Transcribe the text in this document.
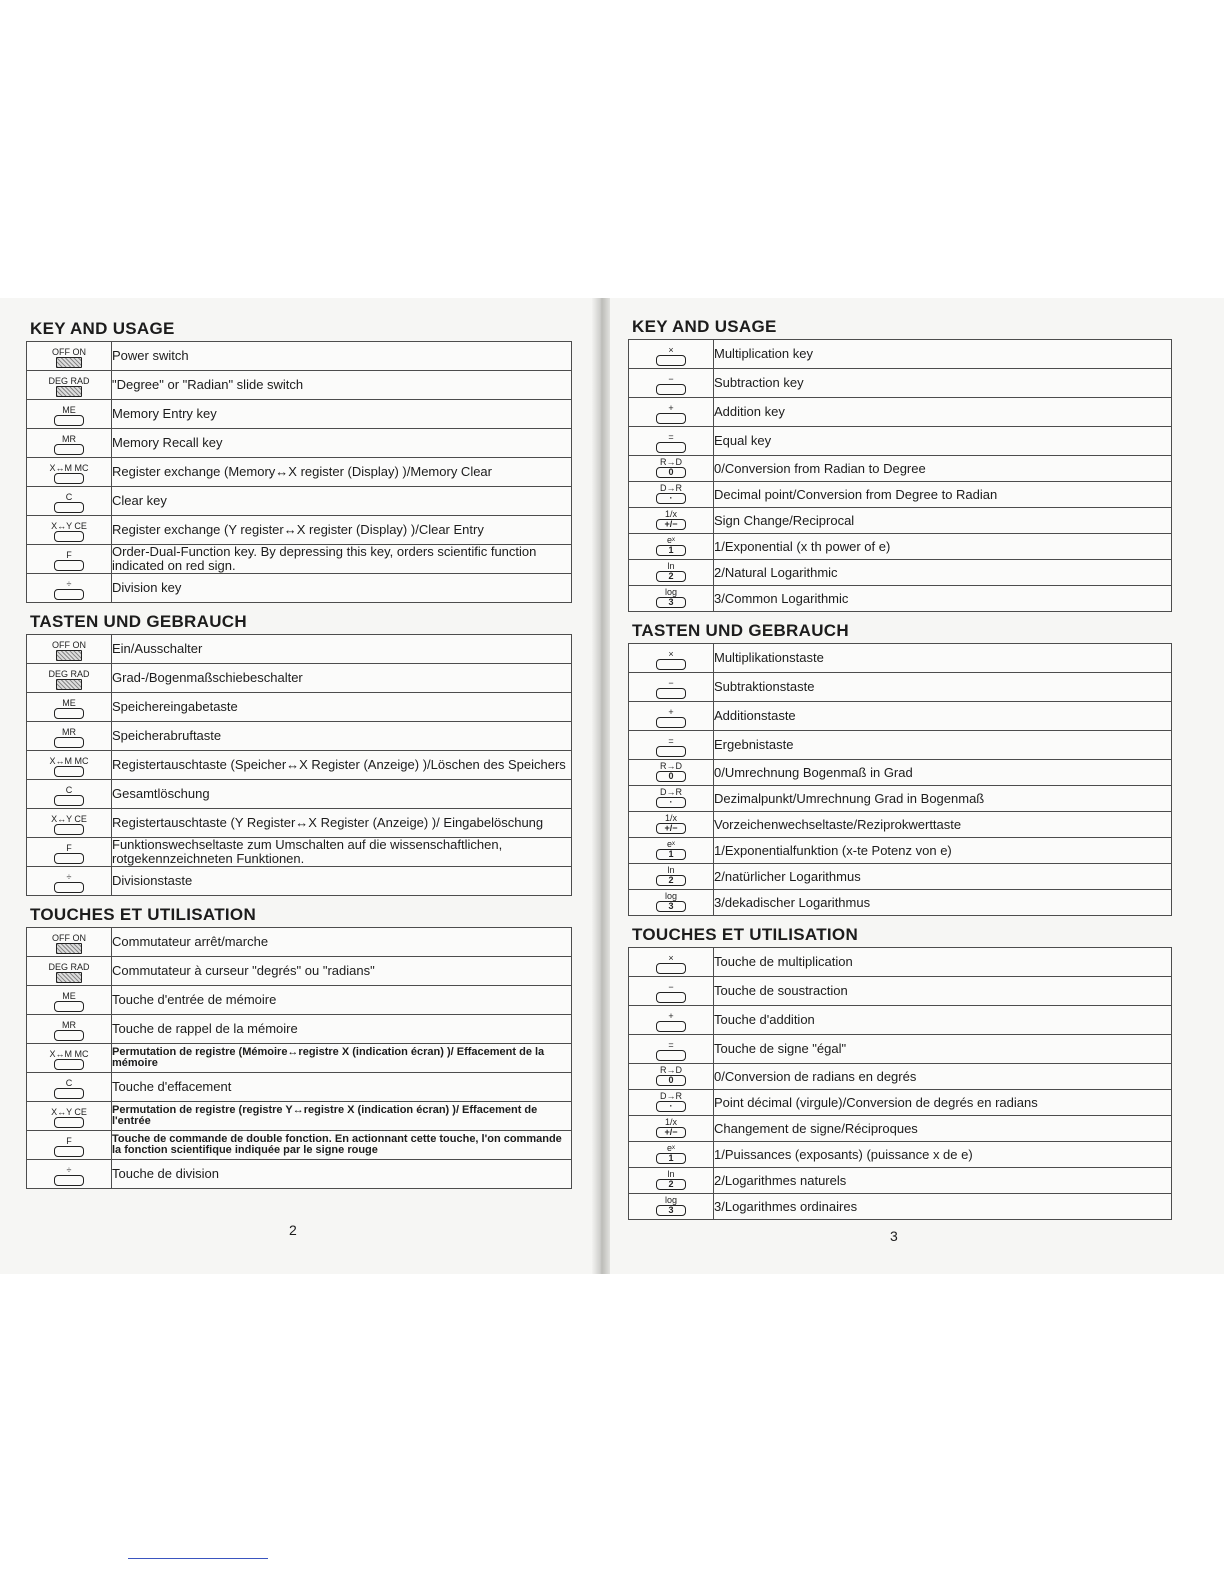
KEY AND USAGE
OFF ON	Power switch

DEG RAD	"Degree" or "Radian" slide switch

ME	Memory Entry key

MR	Memory Recall key

X↔M MC	Register exchange (Memory↔X register (Display) )/Memory Clear

C	Clear key

X↔Y CE	Register exchange (Y register↔X register (Display) )/Clear Entry

F	Order-Dual-Function key. By depressing this key, orders scientific function indicated on red sign.

÷	Division key
TASTEN UND GEBRAUCH
OFF ON	Ein/Ausschalter

DEG RAD	Grad-/Bogenmaßschiebeschalter

ME	Speichereingabetaste

MR	Speicherabruftaste

X↔M MC	Registertauschtaste (Speicher↔X Register (Anzeige) )/Löschen des Speichers

C	Gesamtlöschung

X↔Y CE	Registertauschtaste (Y Register↔X Register (Anzeige) )/ Eingabelöschung

F	Funktionswechseltaste zum Umschalten auf die wissenschaftlichen, rotgekennzeichneten Funktionen.

÷	Divisionstaste
TOUCHES ET UTILISATION
OFF ON	Commutateur arrêt/marche

DEG RAD	Commutateur à curseur "degrés" ou "radians"

ME	Touche d'entrée de mémoire

MR	Touche de rappel de la mémoire

X↔M MC	Permutation de registre (Mémoire↔registre X (indication écran) )/ Effacement de la mémoire

C	Touche d'effacement

X↔Y CE	Permutation de registre (registre Y↔registre X (indication écran) )/ Effacement de l'entrée

F	Touche de commande de double fonction. En actionnant cette touche, l'on commande la fonction scientifique indiquée par le signe rouge

÷	Touche de division
2
KEY AND USAGE
×	Multiplication key

−	Subtraction key

+	Addition key

=	Equal key

$\frac{R\to D}{0}$	0/Conversion from Radian to Degree

D→R
·	Decimal point/Conversion from Degree to Radian

1/x
+/−	Sign Change/Reciprocal

$\frac{\text{eˣ}}{1}$	1/Exponential (x th power of e)

$\frac{\ln}{2}$	2/Natural Logarithmic

$\frac{\log}{3}$	3/Common Logarithmic
TASTEN UND GEBRAUCH
×	Multiplikationstaste

−	Subtraktionstaste

+	Additionstaste

=	Ergebnistaste

$\frac{R\to D}{0}$	0/Umrechnung Bogenmaß in Grad

D→R
·	Dezimalpunkt/Umrechnung Grad in Bogenmaß

1/x
+/−	Vorzeichenwechseltaste/Reziprokwerttaste

$\frac{\text{eˣ}}{1}$	1/Exponentialfunktion (x-te Potenz von e)

$\frac{\ln}{2}$	2/natürlicher Logarithmus

$\frac{\log}{3}$	3/dekadischer Logarithmus
TOUCHES ET UTILISATION
×	Touche de multiplication

−	Touche de soustraction

+	Touche d'addition

=	Touche de signe "égal"

$\frac{R\to D}{0}$	0/Conversion de radians en degrés

D→R
·	Point décimal (virgule)/Conversion de degrés en radians

1/x
+/−	Changement de signe/Réciproques

$\frac{\text{eˣ}}{1}$	1/Puissances (exposants) (puissance x de e)

$\frac{\ln}{2}$	2/Logarithmes naturels

$\frac{\log}{3}$	3/Logarithmes ordinaires
3
